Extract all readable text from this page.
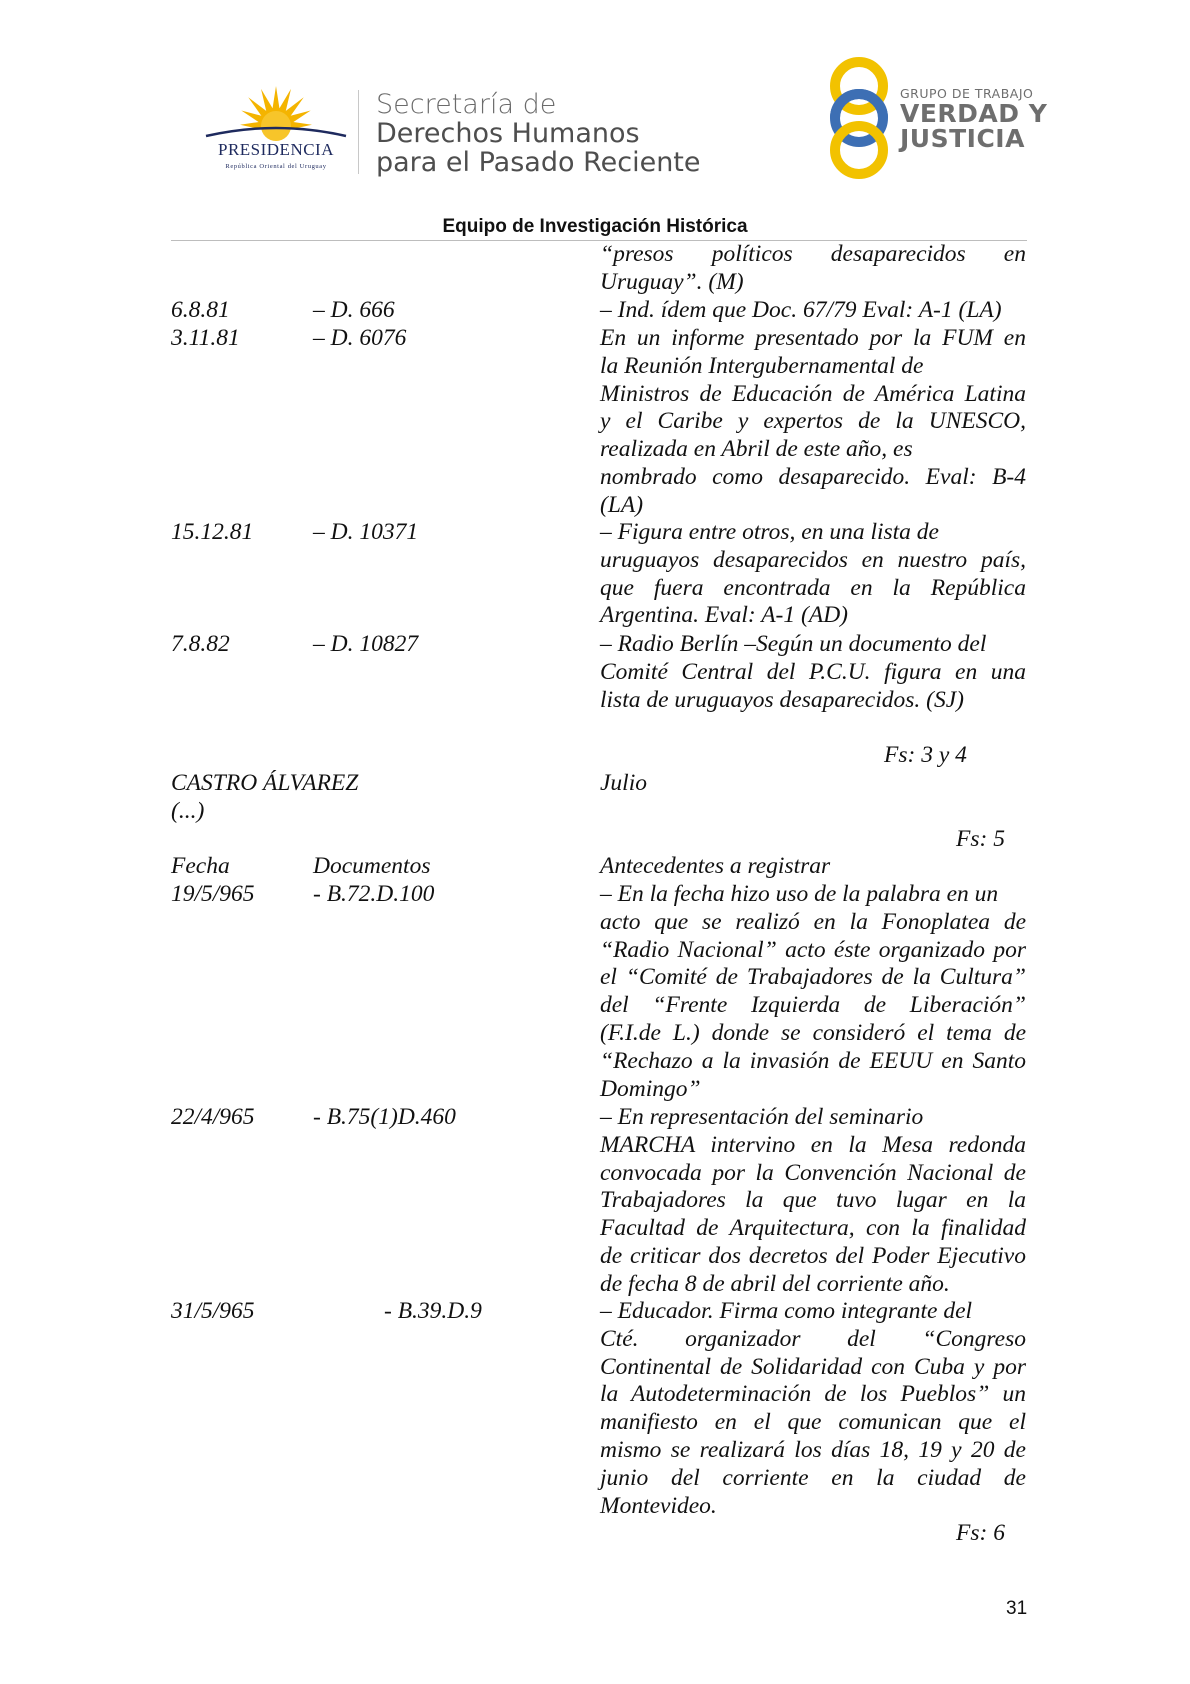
PRESIDENCIA
República Oriental del Uruguay
Secretaría de
Derechos Humanos
para el Pasado Reciente
GRUPO DE TRABAJO
VERDAD Y
JUSTICIA
Equipo de Investigación Histórica
“presos políticos desaparecidos en
Uruguay”. (M)
6.8.81	– D. 666	– Ind. ídem que Doc. 67/79 Eval: A-1 (LA)
3.11.81	– D. 6076	En un informe presentado por la FUM en
la Reunión Intergubernamental de
Ministros de Educación de América Latina
y el Caribe y expertos de la UNESCO,
realizada en Abril de este año, es
nombrado como desaparecido. Eval: B-4
(LA)
15.12.81	– D. 10371	– Figura entre otros, en una lista de
uruguayos desaparecidos en nuestro país,
que fuera encontrada en la República
Argentina. Eval: A-1 (AD)
7.8.82	– D. 10827	– Radio Berlín –Según un documento del
Comité Central del P.C.U. figura en una
lista de uruguayos desaparecidos. (SJ)
Fs: 3 y 4
CASTRO ÁLVAREZ	Julio
(...)
Fs: 5
Fecha	Documentos	Antecedentes a registrar
19/5/965 - B.72.D.100	– En la fecha hizo uso de la palabra en un
acto que se realizó en la Fonoplatea de
“Radio Nacional” acto éste organizado por
el “Comité de Trabajadores de la Cultura”
del “Frente Izquierda de Liberación”
(F.I.de L.) donde se consideró el tema de
“Rechazo a la invasión de EEUU en Santo
Domingo”
22/4/965 - B.75(1)D.460	– En representación del seminario
MARCHA intervino en la Mesa redonda
convocada por la Convención Nacional de
Trabajadores la que tuvo lugar en la
Facultad de Arquitectura, con la finalidad
de criticar dos decretos del Poder Ejecutivo
de fecha 8 de abril del corriente año.
31/5/965	- B.39.D.9	– Educador. Firma como integrante del
Cté. organizador del “Congreso
Continental de Solidaridad con Cuba y por
la Autodeterminación de los Pueblos” un
manifiesto en el que comunican que el
mismo se realizará los días 18, 19 y 20 de
junio del corriente en la ciudad de
Montevideo.
Fs: 6
31
